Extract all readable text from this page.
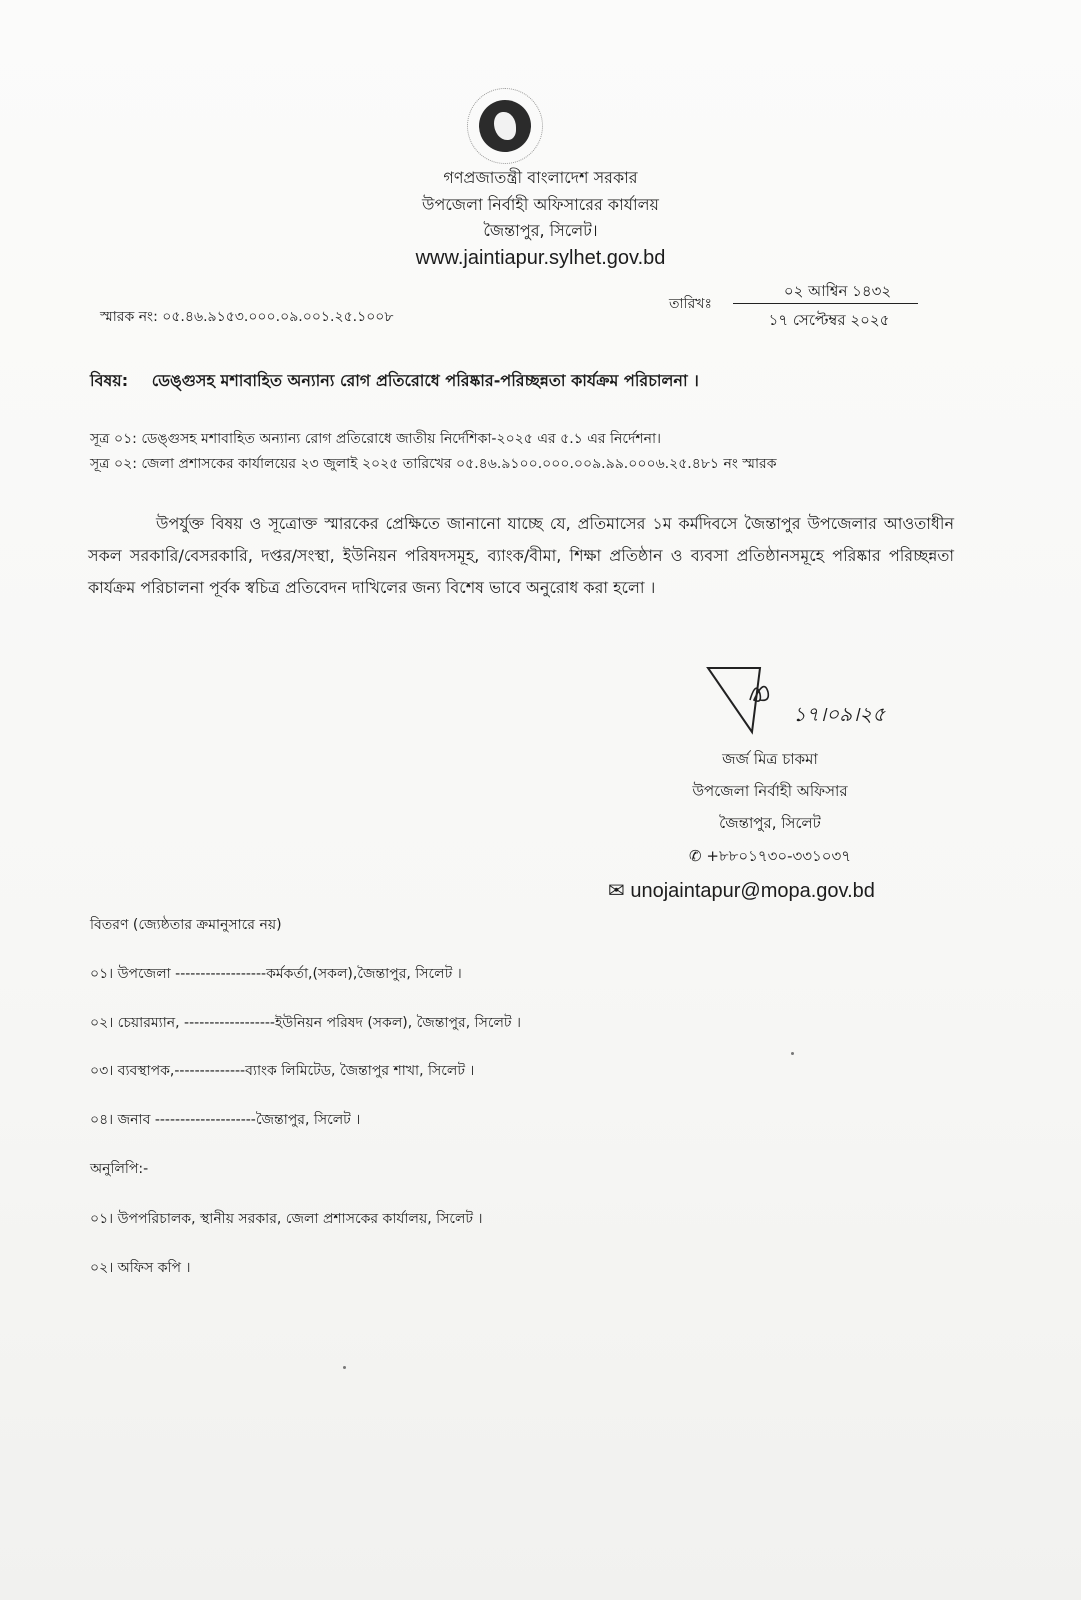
গণপ্রজাতন্ত্রী বাংলাদেশ সরকার
উপজেলা নির্বাহী অফিসারের কার্যালয়
জৈন্তাপুর, সিলেট।
www.jaintiapur.sylhet.gov.bd
স্মারক নং: ০৫.৪৬.৯১৫৩.০০০.০৯.০০১.২৫.১০০৮
তারিখঃ
০২ আশ্বিন ১৪৩২
১৭ সেপ্টেম্বর ২০২৫
বিষয়: ডেঙ্গুসহ মশাবাহিত অন্যান্য রোগ প্রতিরোধে পরিষ্কার-পরিচ্ছন্নতা কার্যক্রম পরিচালনা ।
সূত্র ০১: ডেঙ্গুসহ মশাবাহিত অন্যান্য রোগ প্রতিরোধে জাতীয় নির্দেশিকা-২০২৫ এর ৫.১ এর নির্দেশনা।
সূত্র ০২: জেলা প্রশাসকের কার্যালয়ের ২৩ জুলাই ২০২৫ তারিখের ০৫.৪৬.৯১০০.০০০.০০৯.৯৯.০০০৬.২৫.৪৮১ নং স্মারক
উপর্যুক্ত বিষয় ও সূত্রোক্ত স্মারকের প্রেক্ষিতে জানানো যাচ্ছে যে, প্রতিমাসের ১ম কর্মদিবসে জৈন্তাপুর উপজেলার আওতাধীন সকল সরকারি/বেসরকারি, দপ্তর/সংস্থা, ইউনিয়ন পরিষদসমূহ, ব্যাংক/বীমা, শিক্ষা প্রতিষ্ঠান ও ব্যবসা প্রতিষ্ঠানসমূহে পরিষ্কার পরিচ্ছন্নতা কার্যক্রম পরিচালনা পূর্বক স্বচিত্র প্রতিবেদন দাখিলের জন্য বিশেষ ভাবে অনুরোধ করা হলো ।
১৭।০৯।২৫
জর্জ মিত্র চাকমা
উপজেলা নির্বাহী অফিসার
জৈন্তাপুর, সিলেট
✆ +৮৮০১৭৩০-৩৩১০৩৭
✉ unojaintapur@mopa.gov.bd
বিতরণ (জ্যেষ্ঠতার ক্রমানুসারে নয়)
০১। উপজেলা ------------------কর্মকর্তা,(সকল),জৈন্তাপুর, সিলেট ।
০২। চেয়ারম্যান, ------------------ইউনিয়ন পরিষদ (সকল), জৈন্তাপুর, সিলেট ।
০৩। ব্যবস্থাপক,--------------ব্যাংক লিমিটেড, জৈন্তাপুর শাখা, সিলেট ।
০৪। জনাব --------------------জৈন্তাপুর, সিলেট ।
অনুলিপি:-
০১। উপপরিচালক, স্থানীয় সরকার, জেলা প্রশাসকের কার্যালয়, সিলেট ।
০২। অফিস কপি ।
